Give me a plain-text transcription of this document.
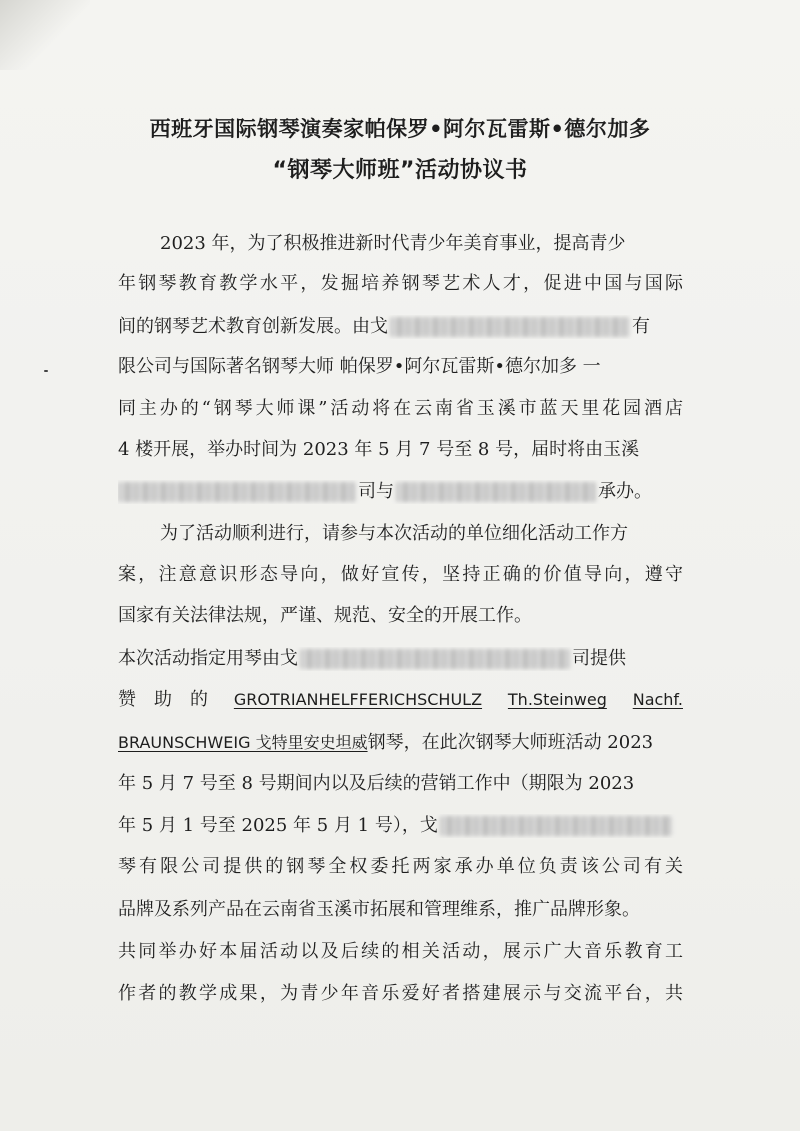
西班牙国际钢琴演奏家帕保罗•阿尔瓦雷斯•德尔加多
“钢琴大师班”活动协议书
2023 年，为了积极推进新时代青少年美育事业，提高青少
年钢琴教育教学水平，发掘培养钢琴艺术人才，促进中国与国际
间的钢琴艺术教育创新发展。由戈	有
限公司与国际著名钢琴大师 帕保罗•阿尔瓦雷斯•德尔加多 一
同主办的“钢琴大师课”活动将在云南省玉溪市蓝天里花园酒店
4 楼开展，举办时间为 2023 年 5 月 7 号至 8 号，届时将由玉溪
司与	承办。
为了活动顺利进行，请参与本次活动的单位细化活动工作方
案，注意意识形态导向，做好宣传，坚持正确的价值导向，遵守
国家有关法律法规，严谨、规范、安全的开展工作。
本次活动指定用琴由戈	司提供
赞　助　的 GROTRIANHELFFERICHSCHULZ Th.Steinweg Nachf.
BRAUNSCHWEIG 戈特里安史坦威钢琴，在此次钢琴大师班活动 2023
年 5 月 7 号至 8 号期间内以及后续的营销工作中（期限为 2023
年 5 月 1 号至 2025 年 5 月 1 号），戈
琴有限公司提供的钢琴全权委托两家承办单位负责该公司有关
品牌及系列产品在云南省玉溪市拓展和管理维系，推广品牌形象。
共同举办好本届活动以及后续的相关活动，展示广大音乐教育工
作者的教学成果，为青少年音乐爱好者搭建展示与交流平台，共
